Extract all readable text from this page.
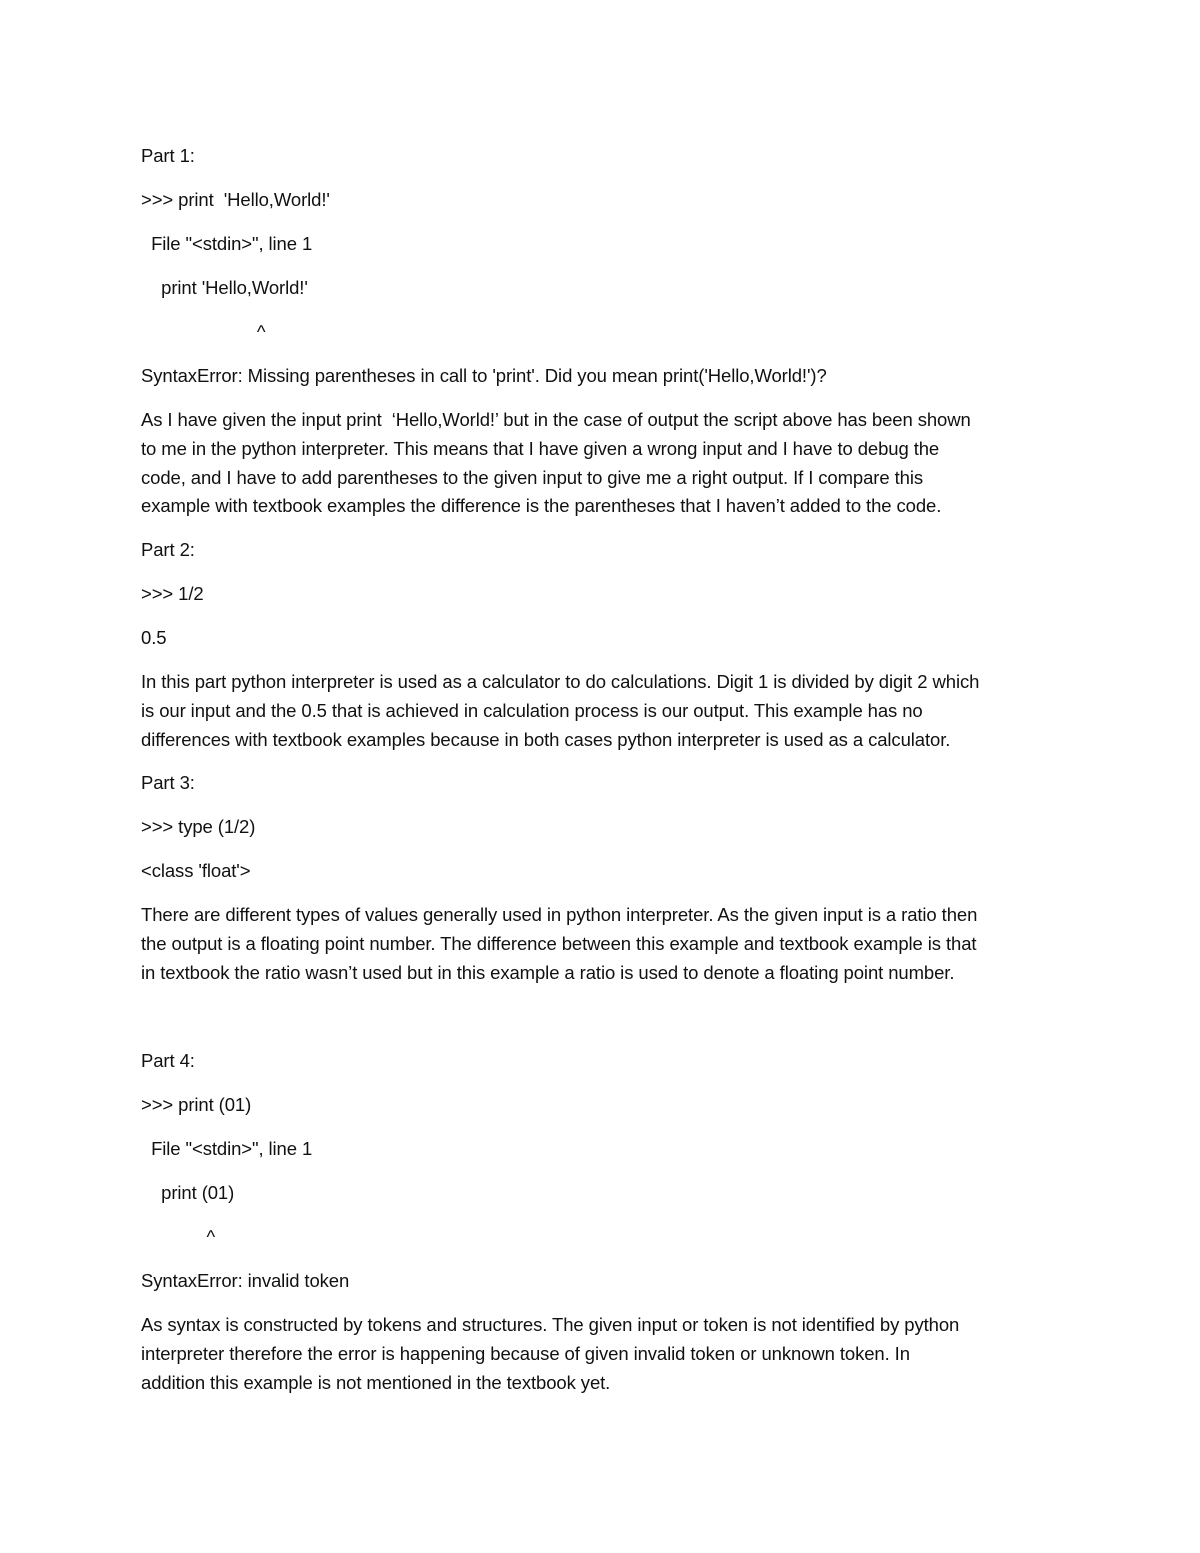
Part 1:
>>> print  'Hello,World!'
File "<stdin>", line 1
print 'Hello,World!'
^
SyntaxError: Missing parentheses in call to 'print'. Did you mean print('Hello,World!')?
As I have given the input print  ‘Hello,World!’ but in the case of output the script above has been shown
to me in the python interpreter. This means that I have given a wrong input and I have to debug the
code, and I have to add parentheses to the given input to give me a right output. If I compare this
example with textbook examples the difference is the parentheses that I haven’t added to the code.
Part 2:
>>> 1/2
0.5
In this part python interpreter is used as a calculator to do calculations. Digit 1 is divided by digit 2 which
is our input and the 0.5 that is achieved in calculation process is our output. This example has no
differences with textbook examples because in both cases python interpreter is used as a calculator.
Part 3:
>>> type (1/2)
<class 'float'>
There are different types of values generally used in python interpreter. As the given input is a ratio then
the output is a floating point number. The difference between this example and textbook example is that
in textbook the ratio wasn’t used but in this example a ratio is used to denote a floating point number.
Part 4:
>>> print (01)
File "<stdin>", line 1
print (01)
^
SyntaxError: invalid token
As syntax is constructed by tokens and structures. The given input or token is not identified by python
interpreter therefore the error is happening because of given invalid token or unknown token. In
addition this example is not mentioned in the textbook yet.
